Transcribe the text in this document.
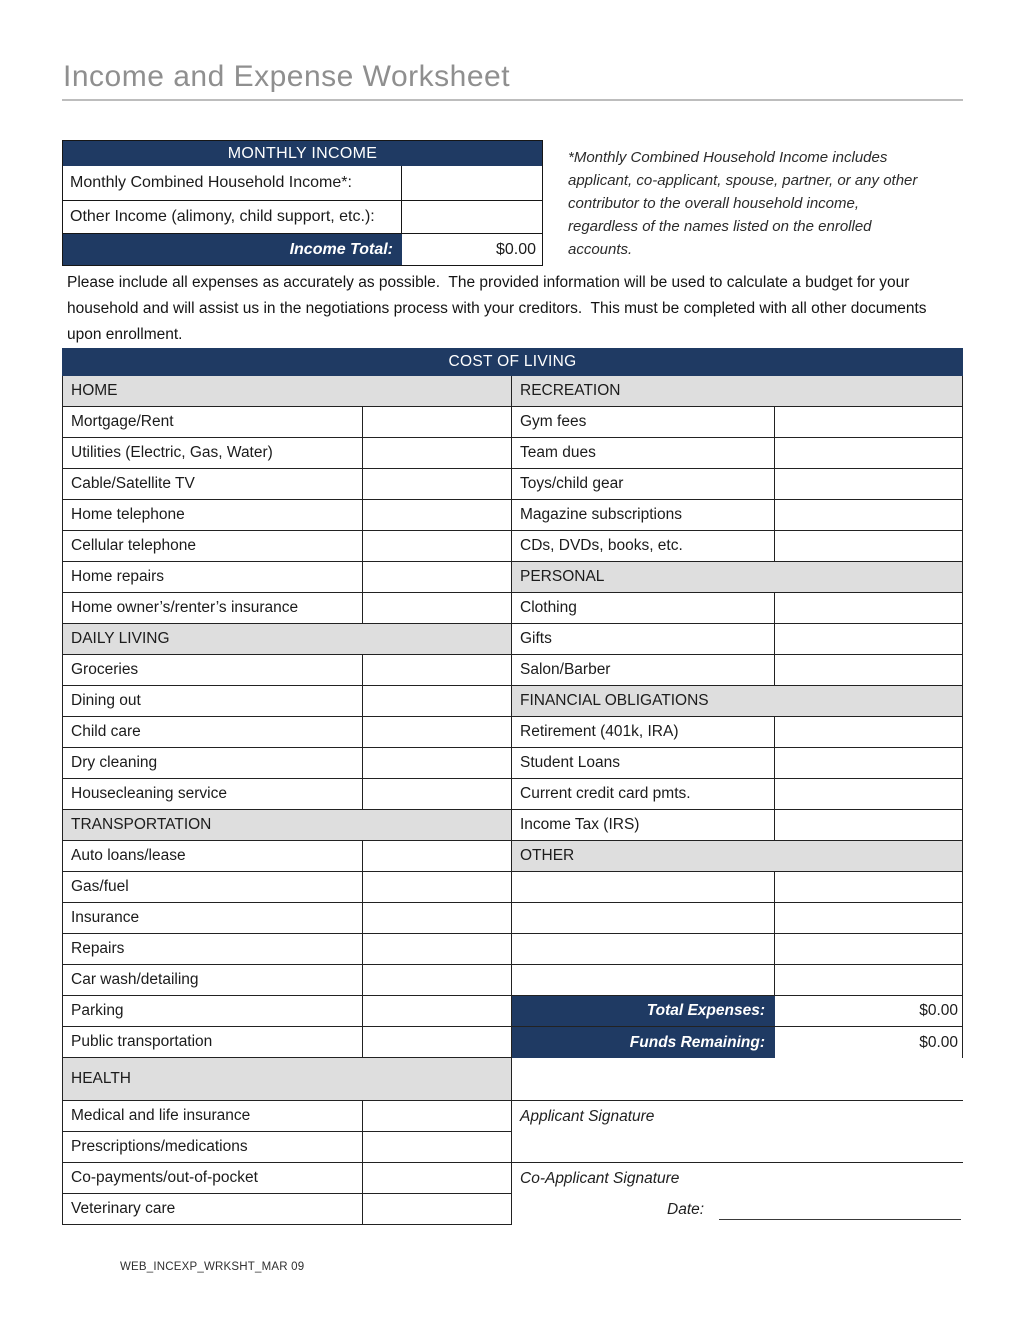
Income and Expense Worksheet
MONTHLY INCOME
Monthly Combined Household Income*:
Other Income (alimony, child support, etc.):
Income Total:	$0.00
*Monthly Combined Household Income includes applicant, co-applicant, spouse, partner, or any other contributor to the overall household income, regardless of the names listed on the enrolled accounts.
Please include all expenses as accurately as possible.  The provided information will be used to calculate a budget for your household and will assist us in the negotiations process with your creditors.  This must be completed with all other documents upon enrollment.
COST OF LIVING
HOME
Mortgage/Rent
Utilities (Electric, Gas, Water)
Cable/Satellite TV
Home telephone
Cellular telephone
Home repairs
Home owner’s/renter’s insurance
DAILY LIVING
Groceries
Dining out
Child care
Dry cleaning
Housecleaning service
TRANSPORTATION
Auto loans/lease
Gas/fuel
Insurance
Repairs
Car wash/detailing
Parking
Public transportation
HEALTH
Medical and life insurance
Prescriptions/medications
Co-payments/out-of-pocket
Veterinary care
RECREATION
Gym fees
Team dues
Toys/child gear
Magazine subscriptions
CDs, DVDs, books, etc.
PERSONAL
Clothing
Gifts
Salon/Barber
FINANCIAL OBLIGATIONS
Retirement (401k, IRA)
Student Loans
Current credit card pmts.
Income Tax (IRS)
OTHER
Total Expenses:	$0.00
Funds Remaining:	$0.00
Applicant Signature
Co-Applicant Signature
Date:
WEB_INCEXP_WRKSHT_MAR 09
